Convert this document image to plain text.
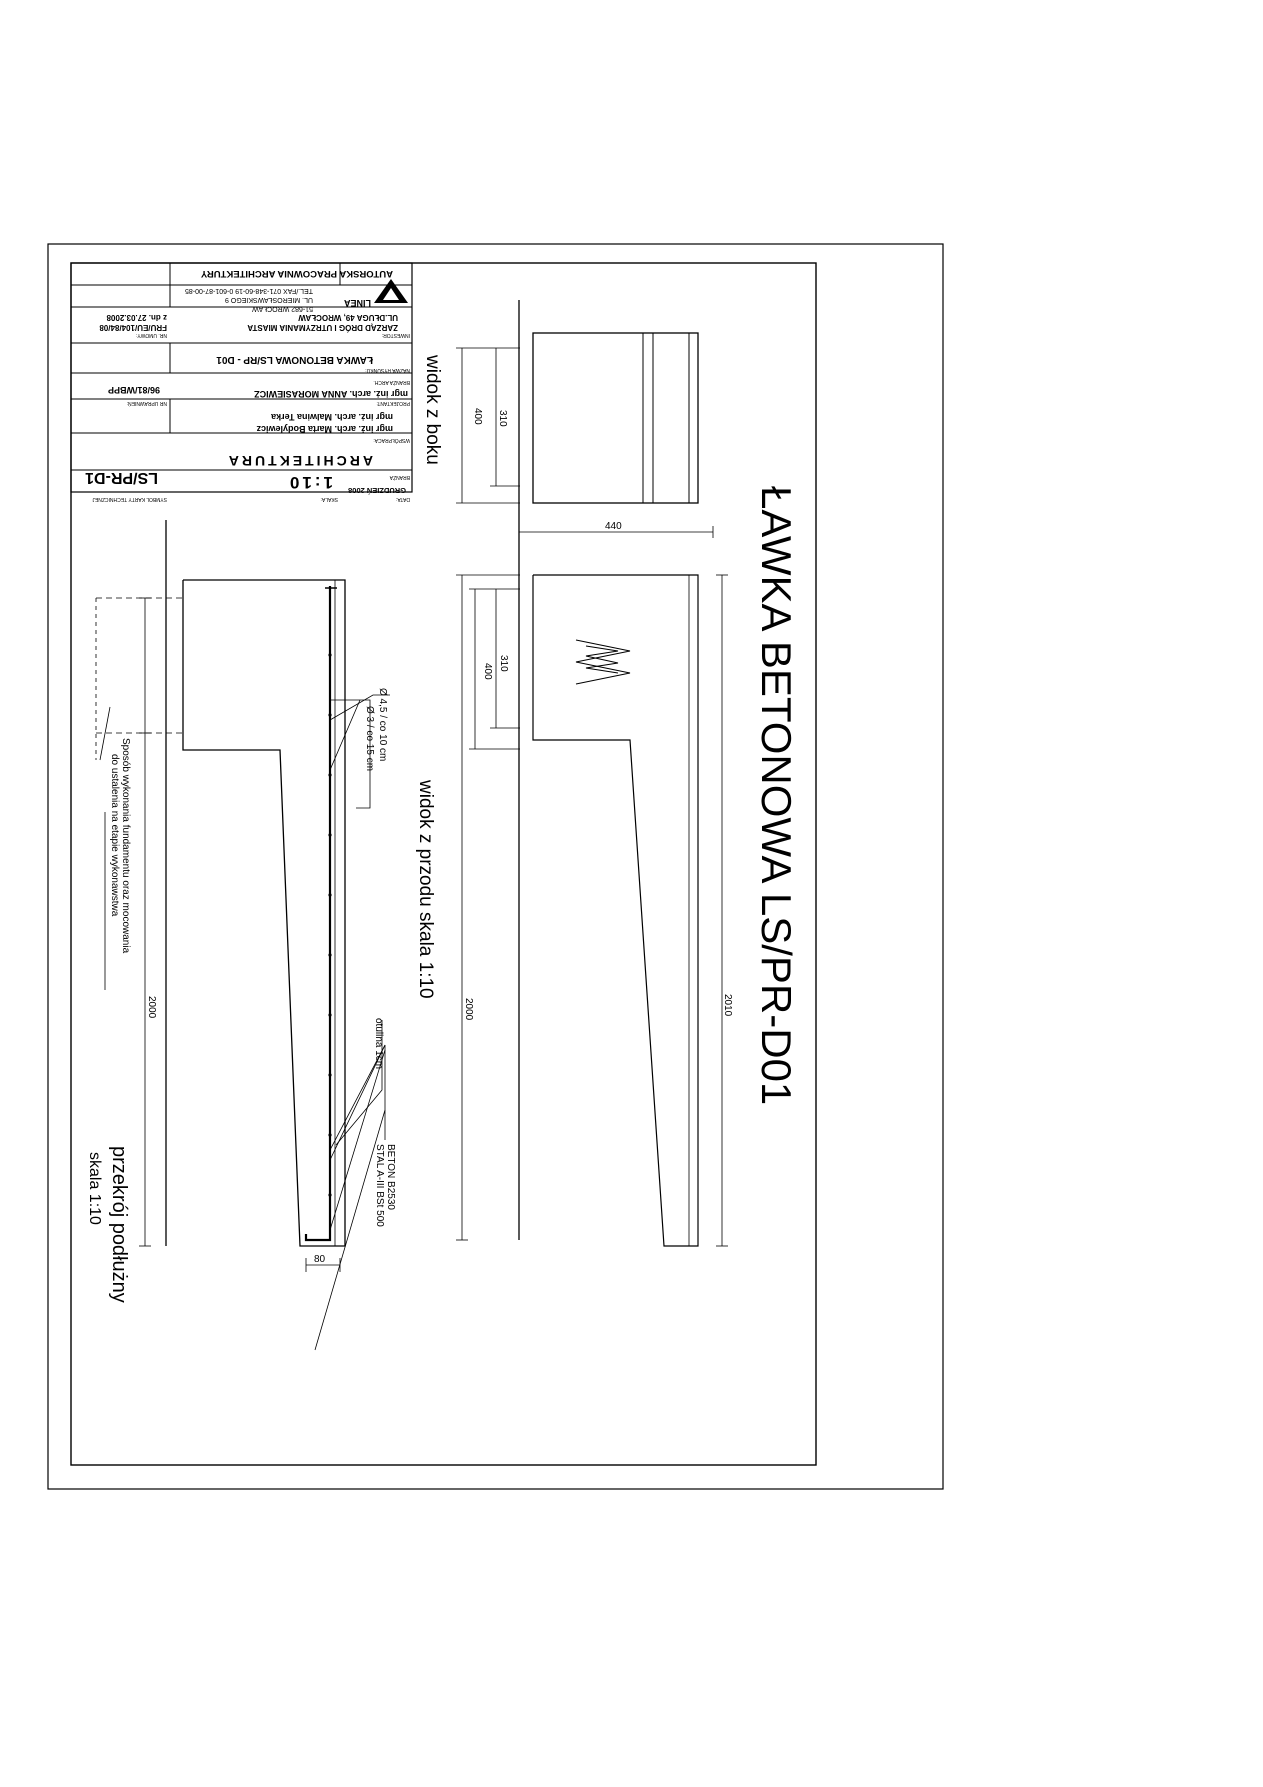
AUTORSKA PRACOWNIA ARCHITEKTURY
LINEA
51-682 WROCŁAW
UL. MIEROSŁAWSKIEGO 9
TEL./FAX 071-348-60-19 0-601-87-00-85
INWESTOR:
ZARZĄD DRÓG I UTRZYMANIA MIASTA
UL.DŁUGA 49, WROCŁAW
NR. UMOWY:
FRU/EU/104/84/08
z dn. 27.03.2008
NAZWA RYSUNKU:
ŁAWKA BETONOWA LS/RP - D01
PROJEKTANT:
mgr inż. arch. ANNA MORASIEWICZ
BRANŻA ARCH.
NR UPRAWNIEŃ:
96/81/WBPP
WSPÓŁPRACA:
mgr inż. arch. Marta Bodylewicz
mgr inż. arch. Malwina Terka
BRANŻA
ARCHITEKTURA
DATA:
GRUDZIEŃ 2008
SKALA:
1:10
SYMBOL KARTY TECHNICZNEJ
LS/PR-D1
ŁAWKA BETONOWA LS/PR-D01
440
400 310
widok z boku
2010
2000
400 310
widok z przodu skala 1:10
2000
80
Ø 4,5 / co 10 cm
Ø 3 / co 15 cm
otulina 1cm
BETON B2530
STAL A-III BSt 500
Sposób wykonania fundamentu oraz mocowania
do ustalenia na etapie wykonawstwa
przekrój podłużny
skala 1:10
